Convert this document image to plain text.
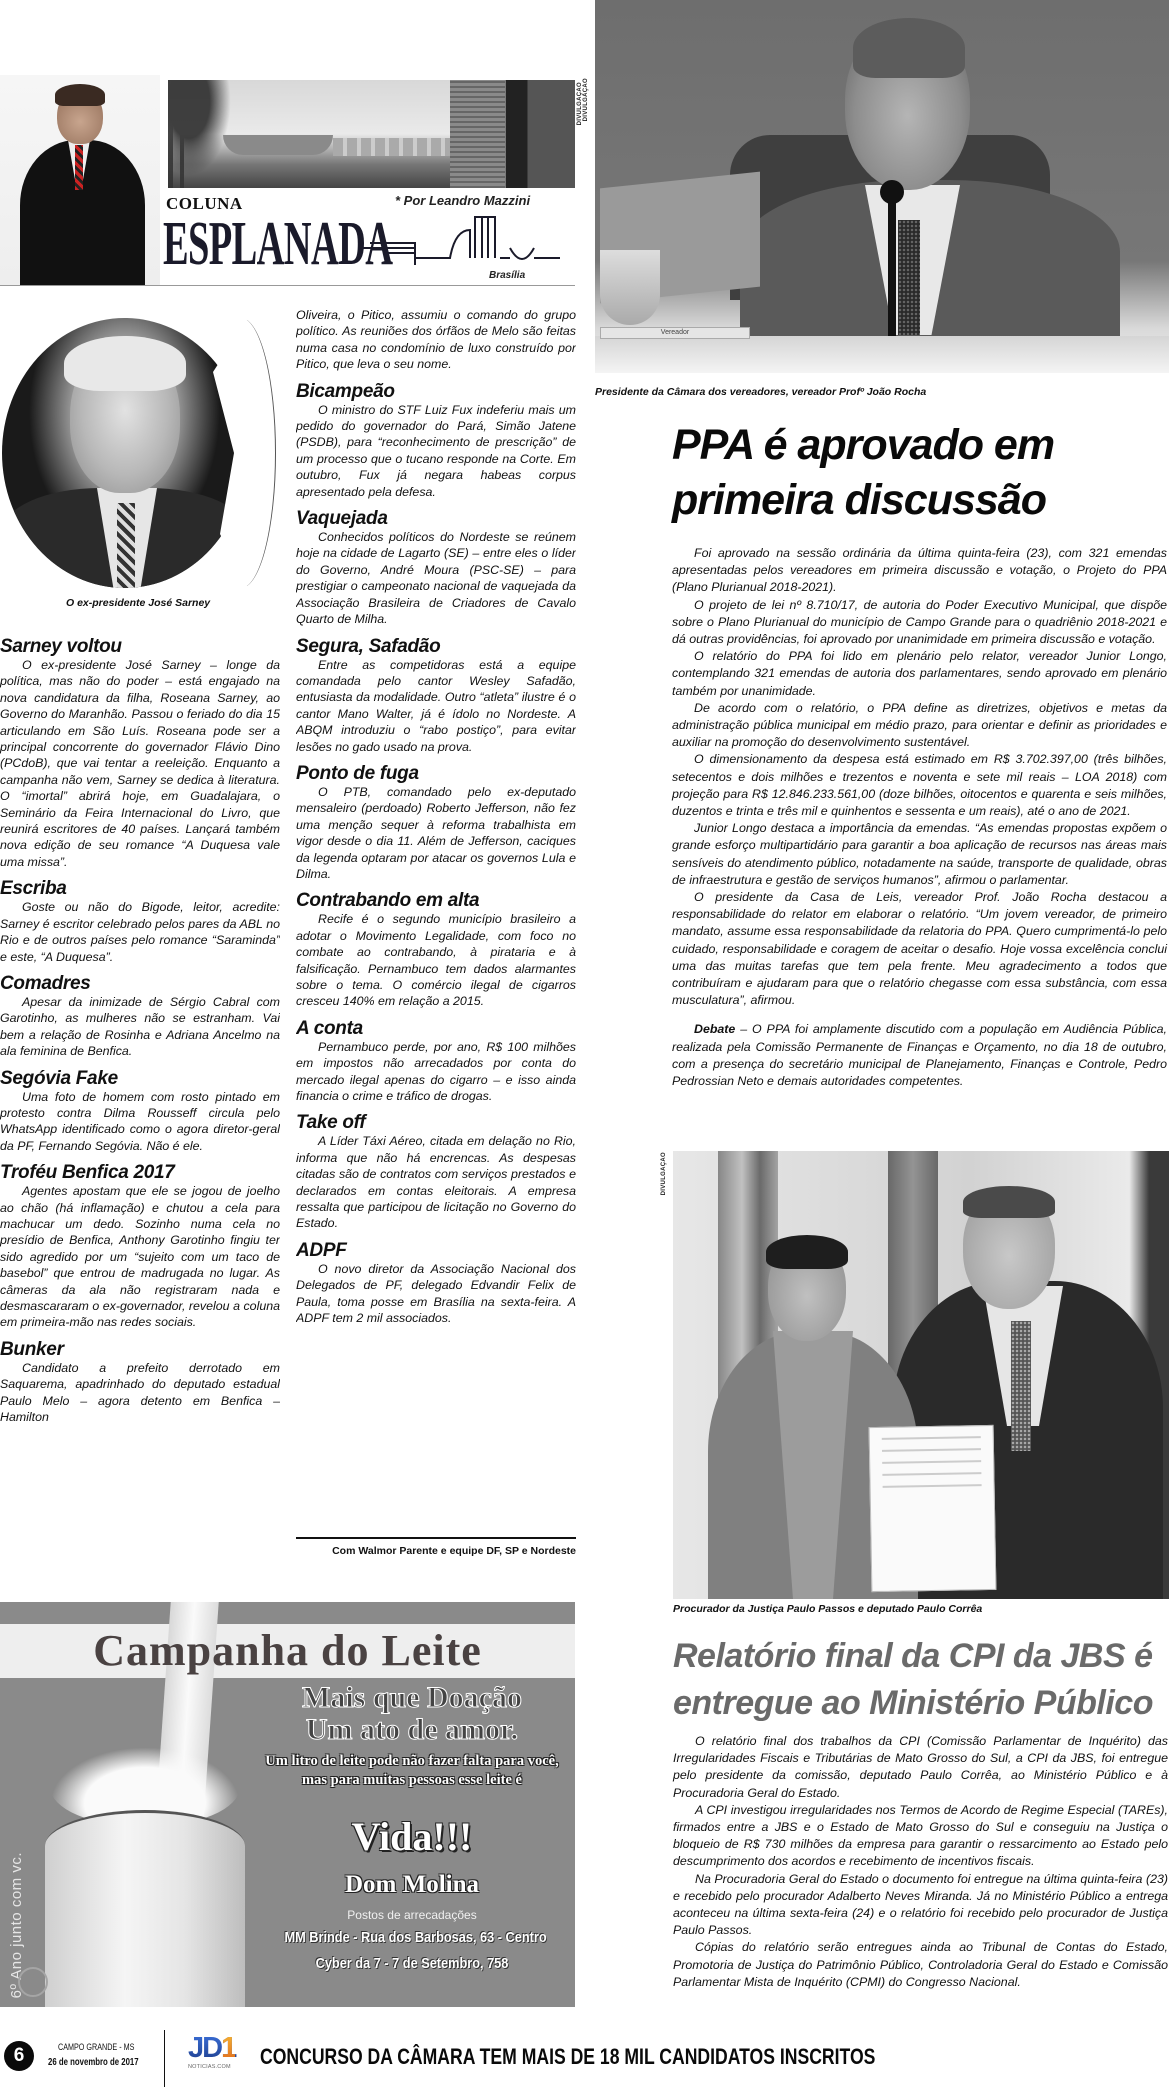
DIVULGAÇÃO
COLUNA
ESPLANADA
* Por Leandro Mazzini
Brasília
O ex-presidente José Sarney
Sarney voltou

O ex-presidente José Sarney – longe da política, mas não do poder – está engajado na nova candidatura da filha, Roseana Sarney, ao Governo do Maranhão. Passou o feriado do dia 15 articulando em São Luís. Roseana pode ser a principal concorrente do governador Flávio Dino (PCdoB), que vai tentar a reeleição. Enquanto a campanha não vem, Sarney se dedica à literatura. O “imortal” abrirá hoje, em Guadalajara, o Seminário da Feira Internacional do Livro, que reunirá escritores de 40 países. Lançará também nova edição de seu romance “A Duquesa vale uma missa”.

Escriba

Goste ou não do Bigode, leitor, acredite: Sarney é escritor celebrado pelos pares da ABL no Rio e de outros países pelo romance “Saraminda” e este, “A Duquesa”.

Comadres

Apesar da inimizade de Sérgio Cabral com Garotinho, as mulheres não se estranham. Vai bem a relação de Rosinha e Adriana Ancelmo na ala feminina de Benfica.

Segóvia Fake

Uma foto de homem com rosto pintado em protesto contra Dilma Rousseff circula pelo WhatsApp identificado como o agora diretor-geral da PF, Fernando Segóvia. Não é ele.

Troféu Benfica 2017

Agentes apostam que ele se jogou de joelho ao chão (há inflamação) e chutou a cela para machucar um dedo. Sozinho numa cela no presídio de Benfica, Anthony Garotinho fingiu ter sido agredido por um “sujeito com um taco de basebol” que entrou de madrugada no lugar. As câmeras da ala não registraram nada e desmascararam o ex-governador, revelou a coluna em primeira-mão nas redes sociais.

Bunker

Candidato a prefeito derrotado em Saquarema, apadrinhado do deputado estadual Paulo Melo – agora detento em Benfica – Hamilton

Oliveira, o Pitico, assumiu o comando do grupo político. As reuniões dos órfãos de Melo são feitas numa casa no condomínio de luxo construído por Pitico, que leva o seu nome.

Bicampeão

O ministro do STF Luiz Fux indeferiu mais um pedido do governador do Pará, Simão Jatene (PSDB), para “reconhecimento de prescrição” de um processo que o tucano responde na Corte. Em outubro, Fux já negara habeas corpus apresentado pela defesa.

Vaquejada

Conhecidos políticos do Nordeste se reúnem hoje na cidade de Lagarto (SE) – entre eles o líder do Governo, André Moura (PSC-SE) – para prestigiar o campeonato nacional de vaquejada da Associação Brasileira de Criadores de Cavalo Quarto de Milha.

Segura, Safadão

Entre as competidoras está a equipe comandada pelo cantor Wesley Safadão, entusiasta da modalidade. Outro “atleta” ilustre é o cantor Mano Walter, já é ídolo no Nordeste. A ABQM introduziu o “rabo postiço”, para evitar lesões no gado usado na prova.

Ponto de fuga

O PTB, comandado pelo ex-deputado mensaleiro (perdoado) Roberto Jefferson, não fez uma menção sequer à reforma trabalhista em vigor desde o dia 11. Além de Jefferson, caciques da legenda optaram por atacar os governos Lula e Dilma.

Contrabando em alta

Recife é o segundo município brasileiro a adotar o Movimento Legalidade, com foco no combate ao contrabando, à pirataria e à falsificação. Pernambuco tem dados alarmantes sobre o tema. O comércio ilegal de cigarros cresceu 140% em relação a 2015.

A conta

Pernambuco perde, por ano, R$ 100 milhões em impostos não arrecadados por conta do mercado ilegal apenas do cigarro – e isso ainda financia o crime e tráfico de drogas.

Take off

A Líder Táxi Aéreo, citada em delação no Rio, informa que não há encrencas. As despesas citadas são de contratos com serviços prestados e declarados em contas eleitorais. A empresa ressalta que participou de licitação no Governo do Estado.

ADPF

O novo diretor da Associação Nacional dos Delegados de PF, delegado Edvandir Felix de Paula, toma posse em Brasília na sexta-feira. A ADPF tem 2 mil associados.

Com Walmor Parente e equipe DF, SP e Nordeste
Vereador
DIVULGAÇÃO
Presidente da Câmara dos vereadores, vereador Profº João Rocha
PPA é aprovado em primeira discussão

Foi aprovado na sessão ordinária da última quinta-feira (23), com 321 emendas apresentadas pelos vereadores em primeira discussão e votação, o Projeto do PPA (Plano Plurianual 2018-2021).

O projeto de lei nº 8.710/17, de autoria do Poder Executivo Municipal, que dispõe sobre o Plano Plurianual do município de Campo Grande para o quadriênio 2018-2021 e dá outras providências, foi aprovado por unanimidade em primeira discussão e votação.

O relatório do PPA foi lido em plenário pelo relator, vereador Junior Longo, contemplando 321 emendas de autoria dos parlamentares, sendo aprovado em plenário também por unanimidade.

De acordo com o relatório, o PPA define as diretrizes, objetivos e metas da administração pública municipal em médio prazo, para orientar e definir as prioridades e auxiliar na promoção do desenvolvimento sustentável.

O dimensionamento da despesa está estimado em R$ 3.702.397,00 (três bilhões, setecentos e dois milhões e trezentos e noventa e sete mil reais – LOA 2018) com projeção para R$ 12.846.233.561,00 (doze bilhões, oitocentos e quarenta e seis milhões, duzentos e trinta e três mil e quinhentos e sessenta e um reais), até o ano de 2021.

Junior Longo destaca a importância da emendas. “As emendas propostas expõem o grande esforço multipartidário para garantir a boa aplicação de recursos nas áreas mais sensíveis do atendimento público, notadamente na saúde, transporte de qualidade, obras de infraestrutura e gestão de serviços humanos”, afirmou o parlamentar.

O presidente da Casa de Leis, vereador Prof. João Rocha destacou a responsabilidade do relator em elaborar o relatório. “Um jovem vereador, de primeiro mandato, assume essa responsabilidade da relatoria do PPA. Quero cumprimentá-lo pelo cuidado, responsabilidade e coragem de aceitar o desafio. Hoje vossa excelência conclui uma das muitas tarefas que tem pela frente. Meu agradecimento a todos que contribuíram e ajudaram para que o relatório chegasse com essa substância, com essa musculatura”, afirmou.

Debate – O PPA foi amplamente discutido com a população em Audiência Pública, realizada pela Comissão Permanente de Finanças e Orçamento, no dia 18 de outubro, com a presença do secretário municipal de Planejamento, Finanças e Controle, Pedro Pedrossian Neto e demais autoridades competentes.

DIVULGAÇÃO
Procurador da Justiça Paulo Passos e deputado Paulo Corrêa
Relatório final da CPI da JBS é entregue ao Ministério Público

O relatório final dos trabalhos da CPI (Comissão Parlamentar de Inquérito) das Irregularidades Fiscais e Tributárias de Mato Grosso do Sul, a CPI da JBS, foi entregue pelo presidente da comissão, deputado Paulo Corrêa, ao Ministério Público e à Procuradoria Geral do Estado.

A CPI investigou irregularidades nos Termos de Acordo de Regime Especial (TAREs), firmados entre a JBS e o Estado de Mato Grosso do Sul e conseguiu na Justiça o bloqueio de R$ 730 milhões da empresa para garantir o ressarcimento ao Estado pelo descumprimento dos acordos e recebimento de incentivos fiscais.

Na Procuradoria Geral do Estado o documento foi entregue na última quinta-feira (23) e recebido pelo procurador Adalberto Neves Miranda. Já no Ministério Público a entrega aconteceu na última sexta-feira (24) e o relatório foi recebido pelo procurador de Justiça Paulo Passos.

Cópias do relatório serão entregues ainda ao Tribunal de Contas do Estado, Promotoria de Justiça do Patrimônio Público, Controladoria Geral do Estado e Comissão Parlamentar Mista de Inquérito (CPMI) do Congresso Nacional.

Campanha do Leite
6º Ano junto com vc.
Mais que Doação
Um ato de amor.
Um litro de leite pode não fazer falta para você, mas para muitas pessoas esse leite é
Vida!!!
Dom Molina
Postos de arrecadações
MM Brinde - Rua dos Barbosas, 63 - Centro
Cyber da 7 - 7 de Setembro, 758
6	CAMPO GRANDE - MS
26 de novembro de 2017 JD1
NOTICIAS.COM	CONCURSO DA CÂMARA TEM MAIS DE 18 MIL CANDIDATOS INSCRITOS
